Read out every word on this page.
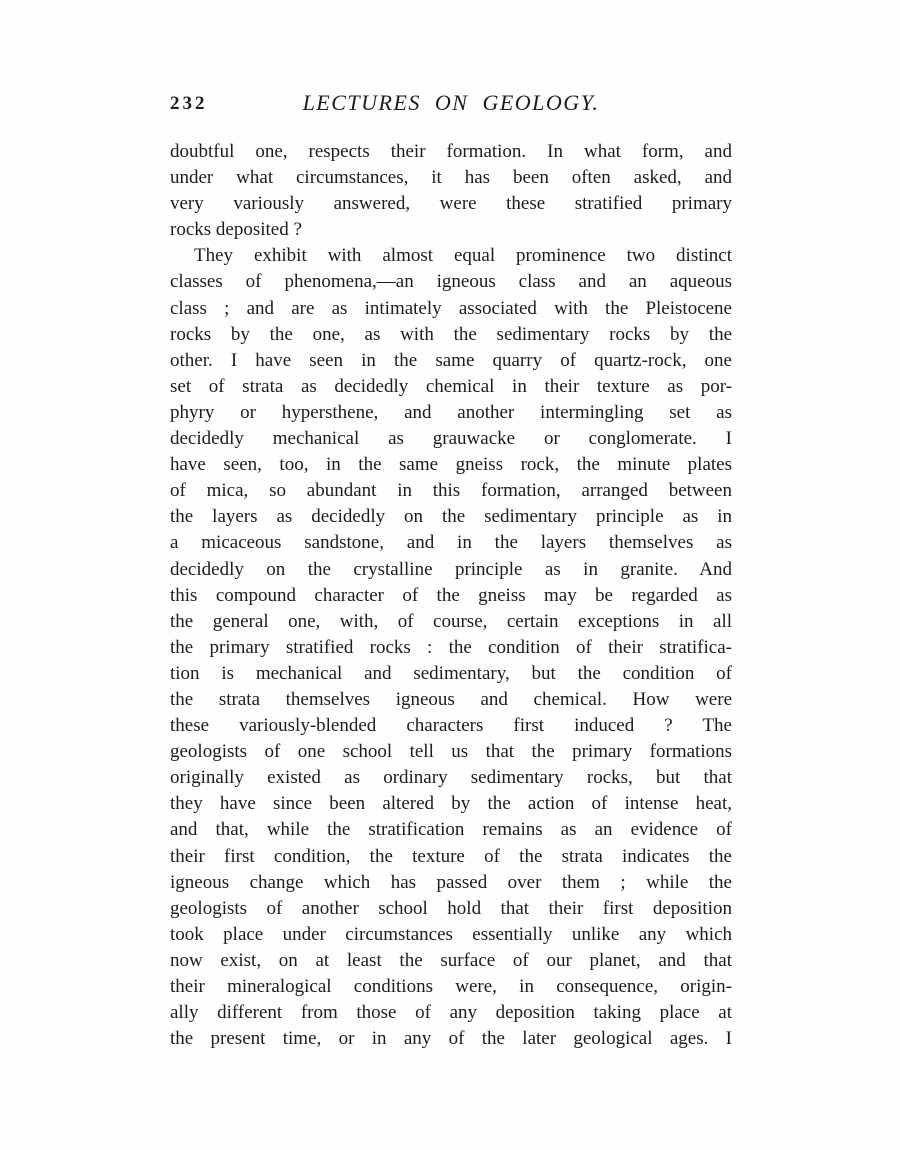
232	LECTURES ON GEOLOGY.
doubtful one, respects their formation. In what form, and
under what circumstances, it has been often asked, and
very variously answered, were these stratified primary
rocks deposited ?
They exhibit with almost equal prominence two distinct
classes of phenomena,—an igneous class and an aqueous
class ; and are as intimately associated with the Pleistocene
rocks by the one, as with the sedimentary rocks by the
other. I have seen in the same quarry of quartz-rock, one
set of strata as decidedly chemical in their texture as por-
phyry or hypersthene, and another intermingling set as
decidedly mechanical as grauwacke or conglomerate. I
have seen, too, in the same gneiss rock, the minute plates
of mica, so abundant in this formation, arranged between
the layers as decidedly on the sedimentary principle as in
a micaceous sandstone, and in the layers themselves as
decidedly on the crystalline principle as in granite. And
this compound character of the gneiss may be regarded as
the general one, with, of course, certain exceptions in all
the primary stratified rocks : the condition of their stratifica-
tion is mechanical and sedimentary, but the condition of
the strata themselves igneous and chemical. How were
these variously-blended characters first induced ? The
geologists of one school tell us that the primary formations
originally existed as ordinary sedimentary rocks, but that
they have since been altered by the action of intense heat,
and that, while the stratification remains as an evidence of
their first condition, the texture of the strata indicates the
igneous change which has passed over them ; while the
geologists of another school hold that their first deposition
took place under circumstances essentially unlike any which
now exist, on at least the surface of our planet, and that
their mineralogical conditions were, in consequence, origin-
ally different from those of any deposition taking place at
the present time, or in any of the later geological ages. I
